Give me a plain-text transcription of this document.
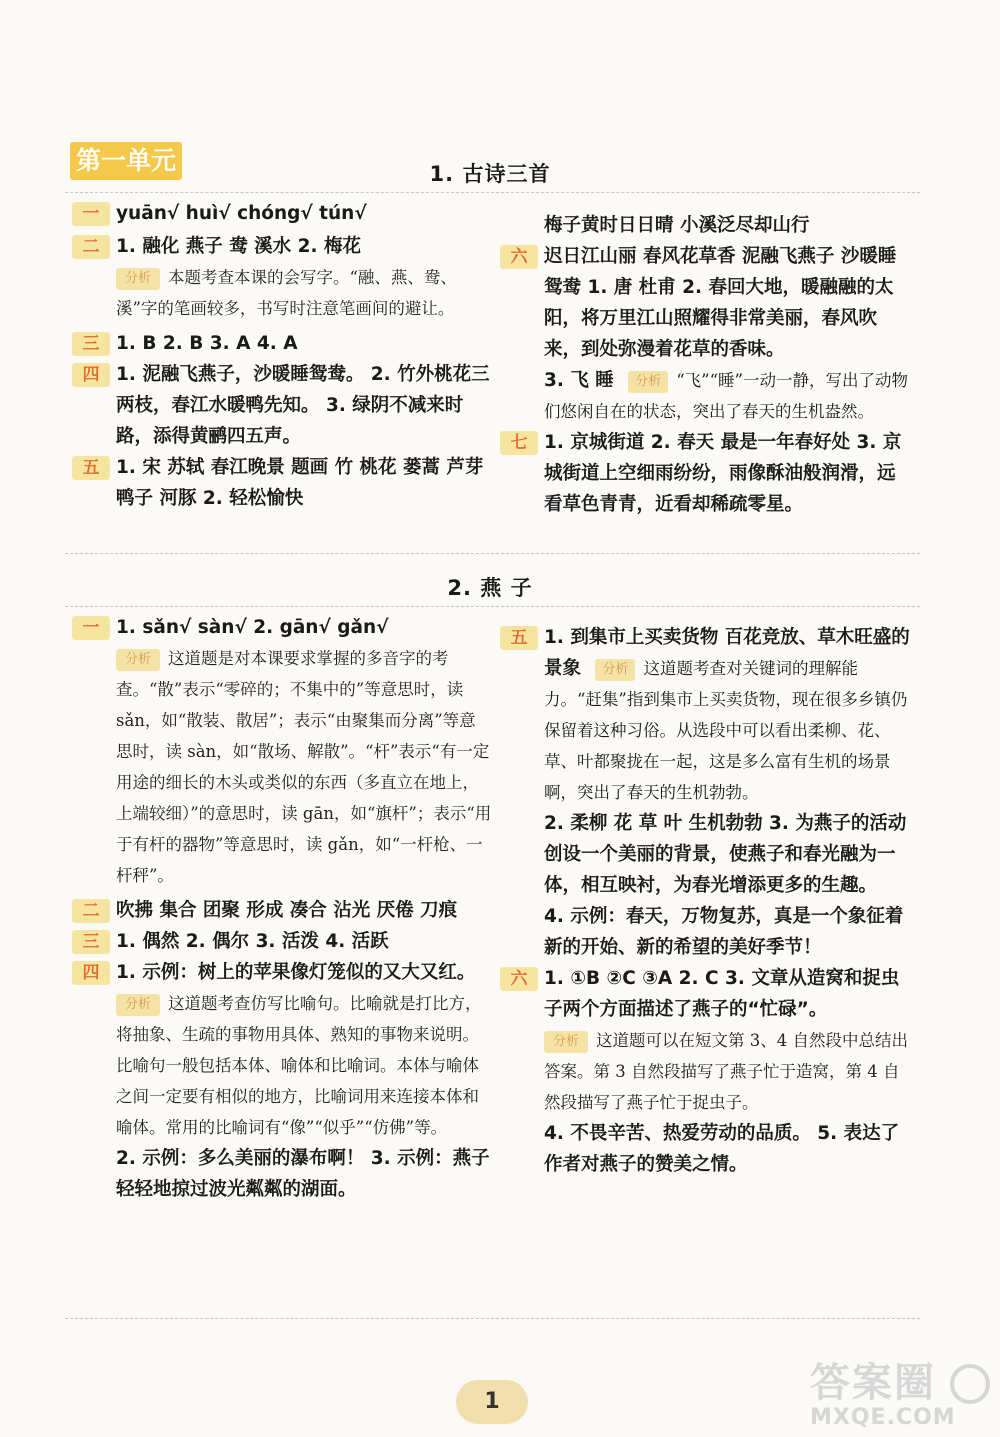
第一单元	1. 古诗三首
一 yuān√ huì√ chóng√ tún√
二 1. 融化 燕子 鸯 溪水 2. 梅花
分析 本题考查本课的会写字。“融、燕、鸯、溪”字的笔画较多，书写时注意笔画间的避让。
三 1. B 2. B 3. A 4. A
四 1. 泥融飞燕子，沙暖睡鸳鸯。 2. 竹外桃花三两枝，春江水暖鸭先知。 3. 绿阴不减来时路，添得黄鹂四五声。
五 1. 宋 苏轼 春江晚景 题画 竹 桃花 蒌蒿 芦芽 鸭子 河豚 2. 轻松愉快
梅子黄时日日晴 小溪泛尽却山行
六 迟日江山丽 春风花草香 泥融飞燕子 沙暖睡鸳鸯 1. 唐 杜甫 2. 春回大地，暖融融的太阳，将万里江山照耀得非常美丽，春风吹来，到处弥漫着花草的香味。
3. 飞 睡 分析 “飞”“睡”一动一静，写出了动物们悠闲自在的状态，突出了春天的生机盎然。
七 1. 京城街道 2. 春天 最是一年春好处 3. 京城街道上空细雨纷纷，雨像酥油般润滑，远看草色青青，近看却稀疏零星。
2. 燕 子
一 1. sǎn√ sàn√ 2. gān√ gǎn√
分析 这道题是对本课要求掌握的多音字的考查。“散”表示“零碎的；不集中的”等意思时，读 sǎn，如“散装、散居”；表示“由聚集而分离”等意思时，读 sàn，如“散场、解散”。“杆”表示“有一定用途的细长的木头或类似的东西（多直立在地上，上端较细）”的意思时，读 gān，如“旗杆”；表示“用于有杆的器物”等意思时，读 gǎn，如“一杆枪、一杆秤”。
二 吹拂 集合 团聚 形成 凑合 沾光 厌倦 刀痕
三 1. 偶然 2. 偶尔 3. 活泼 4. 活跃
四 1. 示例：树上的苹果像灯笼似的又大又红。
分析 这道题考查仿写比喻句。比喻就是打比方，将抽象、生疏的事物用具体、熟知的事物来说明。比喻句一般包括本体、喻体和比喻词。本体与喻体之间一定要有相似的地方，比喻词用来连接本体和喻体。常用的比喻词有“像”“似乎”“仿佛”等。
2. 示例：多么美丽的瀑布啊！ 3. 示例：燕子轻轻地掠过波光粼粼的湖面。
五 1. 到集市上买卖货物 百花竞放、草木旺盛的景象 分析 这道题考查对关键词的理解能力。“赶集”指到集市上买卖货物，现在很多乡镇仍保留着这种习俗。从选段中可以看出柔柳、花、草、叶都聚拢在一起，这是多么富有生机的场景啊，突出了春天的生机勃勃。
2. 柔柳 花 草 叶 生机勃勃 3. 为燕子的活动创设一个美丽的背景，使燕子和春光融为一体，相互映衬，为春光增添更多的生趣。
4. 示例：春天，万物复苏，真是一个象征着新的开始、新的希望的美好季节！
六 1. ①B ②C ③A 2. C 3. 文章从造窝和捉虫子两个方面描述了燕子的“忙碌”。
分析 这道题可以在短文第 3、4 自然段中总结出答案。第 3 自然段描写了燕子忙于造窝，第 4 自然段描写了燕子忙于捉虫子。
4. 不畏辛苦、热爱劳动的品质。 5. 表达了作者对燕子的赞美之情。
1	答案圈
MXQE.COM
